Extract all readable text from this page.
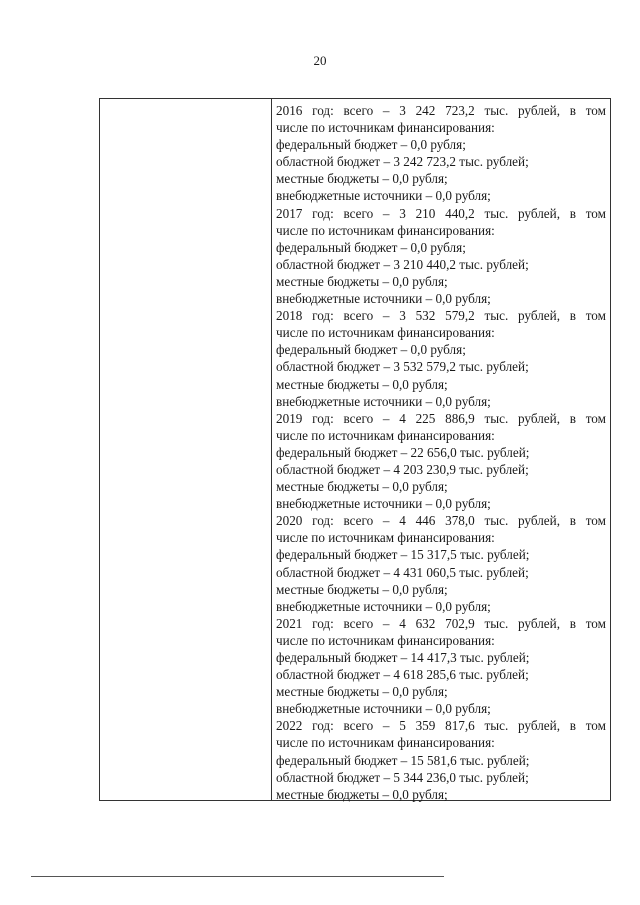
20
2016 год: всего – 3 242 723,2 тыс. рублей, в том
числе по источникам финансирования:
федеральный бюджет – 0,0 рубля;
областной бюджет – 3 242 723,2 тыс. рублей;
местные бюджеты – 0,0 рубля;
внебюджетные источники – 0,0 рубля;
2017 год: всего – 3 210 440,2 тыс. рублей, в том
числе по источникам финансирования:
федеральный бюджет – 0,0 рубля;
областной бюджет – 3 210 440,2 тыс. рублей;
местные бюджеты – 0,0 рубля;
внебюджетные источники – 0,0 рубля;
2018 год: всего – 3 532 579,2 тыс. рублей, в том
числе по источникам финансирования:
федеральный бюджет – 0,0 рубля;
областной бюджет – 3 532 579,2 тыс. рублей;
местные бюджеты – 0,0 рубля;
внебюджетные источники – 0,0 рубля;
2019 год: всего – 4 225 886,9 тыс. рублей, в том
числе по источникам финансирования:
федеральный бюджет – 22 656,0 тыс. рублей;
областной бюджет – 4 203 230,9 тыс. рублей;
местные бюджеты – 0,0 рубля;
внебюджетные источники – 0,0 рубля;
2020 год: всего – 4 446 378,0 тыс. рублей, в том
числе по источникам финансирования:
федеральный бюджет – 15 317,5 тыс. рублей;
областной бюджет – 4 431 060,5 тыс. рублей;
местные бюджеты – 0,0 рубля;
внебюджетные источники – 0,0 рубля;
2021 год: всего – 4 632 702,9 тыс. рублей, в том
числе по источникам финансирования:
федеральный бюджет – 14 417,3 тыс. рублей;
областной бюджет – 4 618 285,6 тыс. рублей;
местные бюджеты – 0,0 рубля;
внебюджетные источники – 0,0 рубля;
2022 год: всего – 5 359 817,6 тыс. рублей, в том
числе по источникам финансирования:
федеральный бюджет – 15 581,6 тыс. рублей;
областной бюджет – 5 344 236,0 тыс. рублей;
местные бюджеты – 0,0 рубля;
